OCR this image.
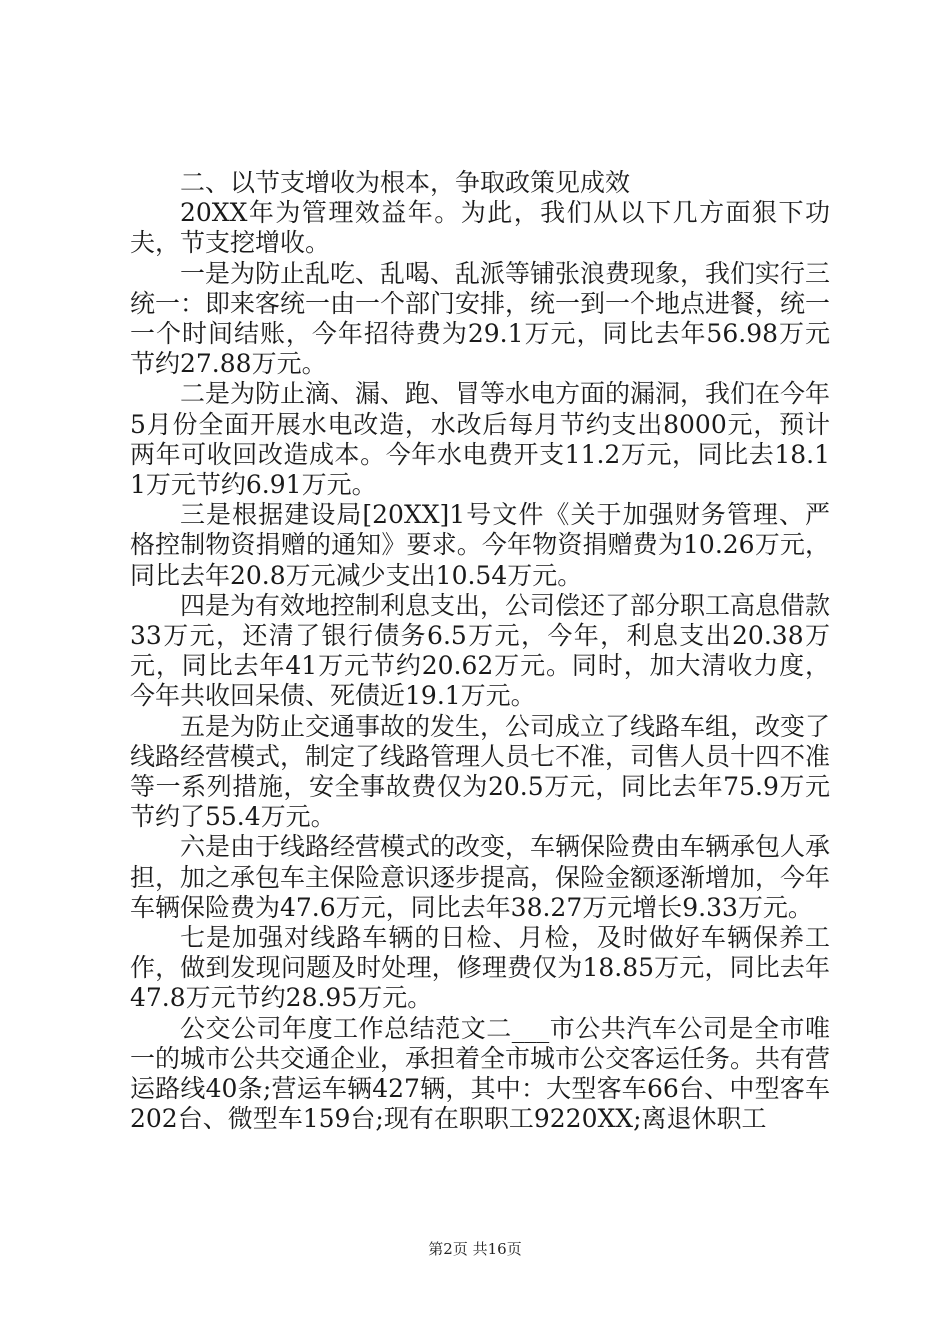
二、以节支增收为根本，争取政策见成效

20XX年为管理效益年。为此，我们从以下几方面狠下功夫，节支挖增收。

一是为防止乱吃、乱喝、乱派等铺张浪费现象，我们实行三统一：即来客统一由一个部门安排，统一到一个地点进餐，统一一个时间结账，今年招待费为29.1万元，同比去年56.98万元节约27.88万元。

二是为防止滴、漏、跑、冒等水电方面的漏洞，我们在今年5月份全面开展水电改造，水改后每月节约支出8000元，预计两年可收回改造成本。今年水电费开支11.2万元，同比去18.11万元节约6.91万元。

三是根据建设局[20XX]1号文件《关于加强财务管理、严格控制物资捐赠的通知》要求。今年物资捐赠费为10.26万元，同比去年20.8万元减少支出10.54万元。

四是为有效地控制利息支出，公司偿还了部分职工高息借款33万元，还清了银行债务6.5万元，今年，利息支出20.38万元，同比去年41万元节约20.62万元。同时，加大清收力度，今年共收回呆债、死债近19.1万元。

五是为防止交通事故的发生，公司成立了线路车组，改变了线路经营模式，制定了线路管理人员七不准，司售人员十四不准等一系列措施，安全事故费仅为20.5万元，同比去年75.9万元节约了55.4万元。

六是由于线路经营模式的改变，车辆保险费由车辆承包人承担，加之承包车主保险意识逐步提高，保险金额逐渐增加，今年车辆保险费为47.6万元，同比去年38.27万元增长9.33万元。

七是加强对线路车辆的日检、月检，及时做好车辆保养工作，做到发现问题及时处理，修理费仅为18.85万元，同比去年47.8万元节约28.95万元。

公交公司年度工作总结范文二___市公共汽车公司是全市唯一的城市公共交通企业，承担着全市城市公交客运任务。共有营运路线40条;营运车辆427辆，其中：大型客车66台、中型客车202台、微型车159台;现有在职职工9220XX;离退休职工

第2页 共16页
